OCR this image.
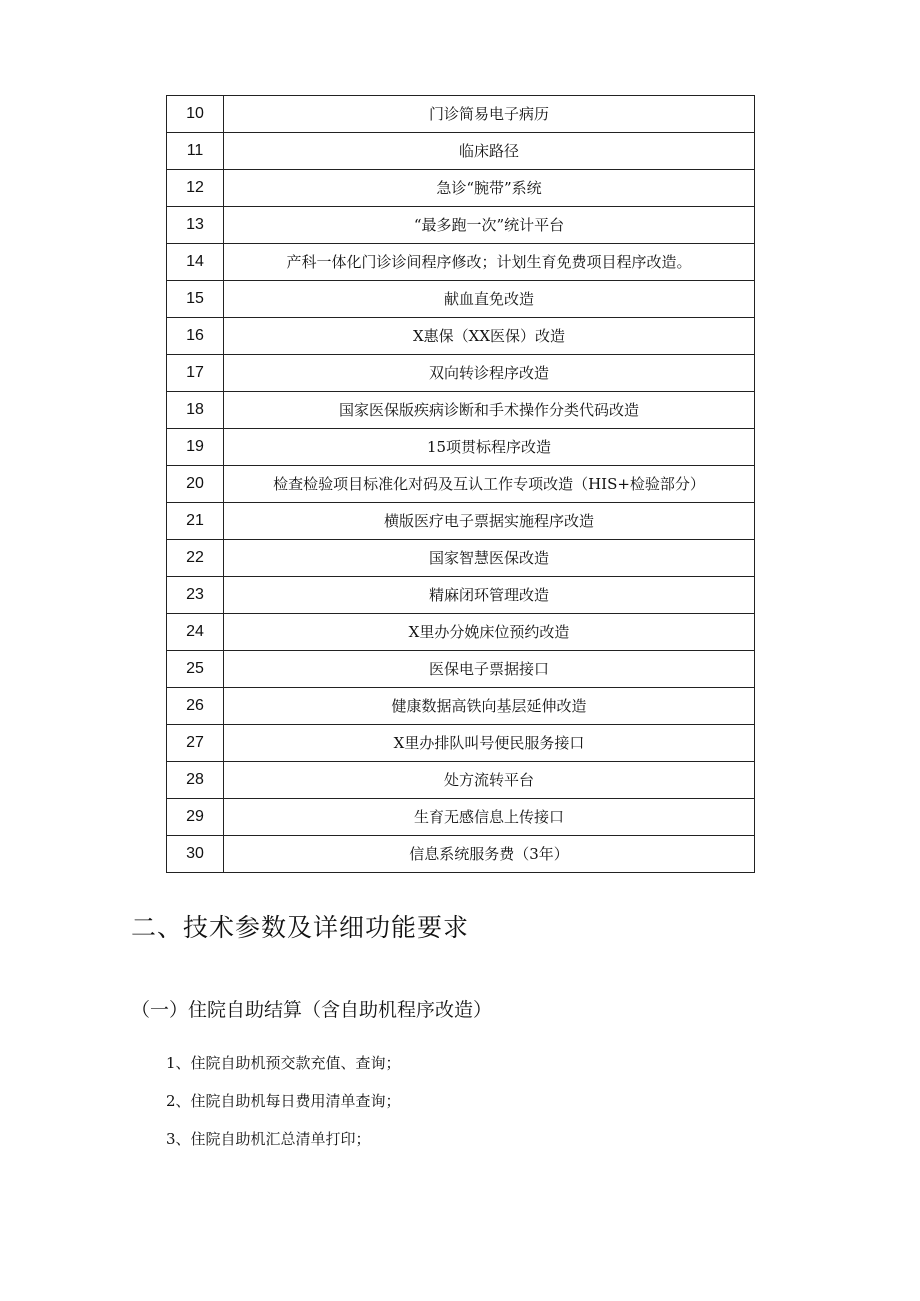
10	门诊简易电子病历
11	临床路径
12	急诊“腕带”系统
13	“最多跑一次”统计平台
14	产科一体化门诊诊间程序修改；计划生育免费项目程序改造。
15	献血直免改造
16	X惠保（XX医保）改造
17	双向转诊程序改造
18	国家医保版疾病诊断和手术操作分类代码改造
19	15项贯标程序改造
20	检查检验项目标准化对码及互认工作专项改造（HIS+检验部分）
21	横版医疗电子票据实施程序改造
22	国家智慧医保改造
23	精麻闭环管理改造
24	X里办分娩床位预约改造
25	医保电子票据接口
26	健康数据高铁向基层延伸改造
27	X里办排队叫号便民服务接口
28	处方流转平台
29	生育无感信息上传接口
30	信息系统服务费（3年）
二、技术参数及详细功能要求
（一）住院自助结算（含自助机程序改造）
1、住院自助机预交款充值、查询；
2、住院自助机每日费用清单查询；
3、住院自助机汇总清单打印；
